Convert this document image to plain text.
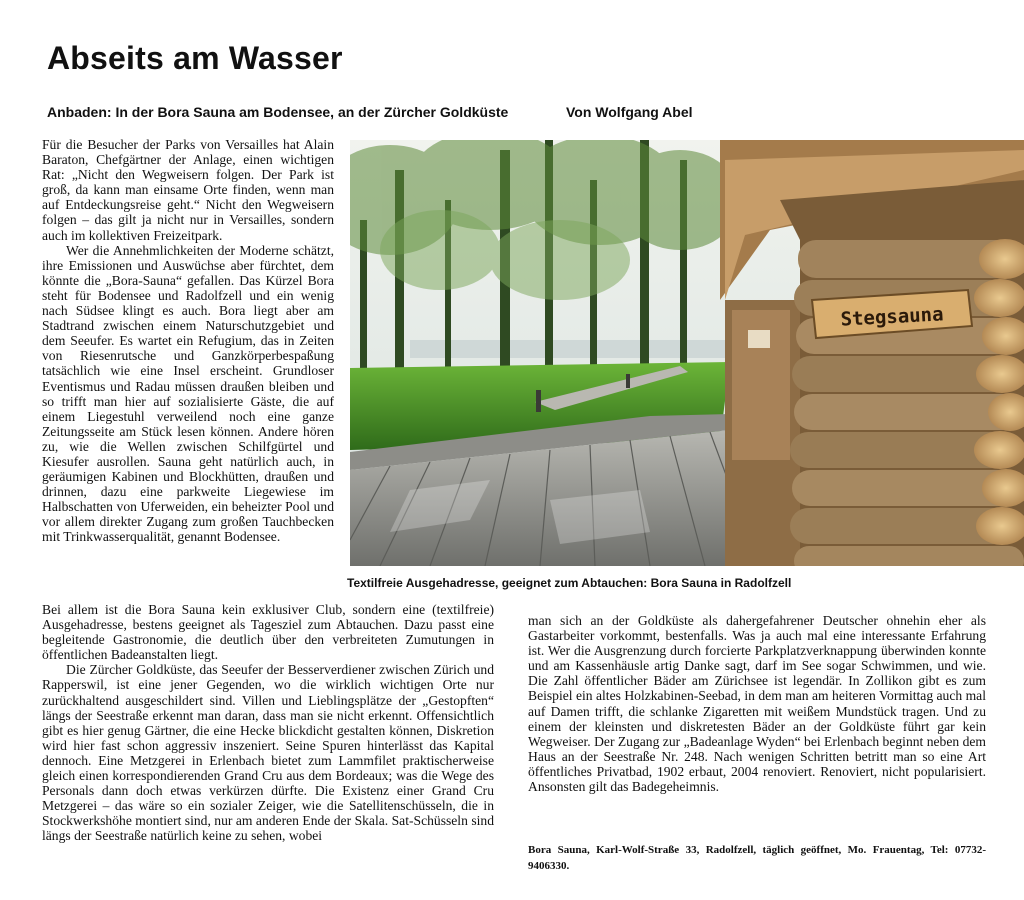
Abseits am Wasser

Anbaden: In der Bora Sauna am Bodensee, an der Zürcher Goldküste	Von Wolfgang Abel

Für die Besucher der Parks von Versailles hat Alain Baraton, Chefgärtner der Anlage, einen wichtigen Rat: „Nicht den Wegweisern folgen. Der Park ist groß, da kann man einsame Orte finden, wenn man auf Entdeckungsreise geht.“ Nicht den Wegweisern folgen – das gilt ja nicht nur in Versailles, sondern auch im kollektiven Freizeitpark.

Wer die Annehmlichkeiten der Moderne schätzt, ihre Emissionen und Auswüchse aber fürchtet, dem könnte die „Bora-Sauna“ gefallen. Das Kürzel Bora steht für Bodensee und Radolfzell und ein wenig nach Südsee klingt es auch. Bora liegt aber am Stadtrand zwischen einem Naturschutzgebiet und dem Seeufer. Es wartet ein Refugium, das in Zeiten von Riesenrutsche und Ganzkörperbespaßung tatsächlich wie eine Insel erscheint. Grundloser Eventismus und Radau müssen draußen bleiben und so trifft man hier auf sozialisierte Gäste, die auf einem Liegestuhl verweilend noch eine ganze Zeitungsseite am Stück lesen können. Andere hören zu, wie die Wellen zwischen Schilfgürtel und Kiesufer ausrollen. Sauna geht natürlich auch, in geräumigen Kabinen und Blockhütten, draußen und drinnen, dazu eine parkweite Liegewiese im Halbschatten von Uferweiden, ein beheizter Pool und vor allem direkter Zugang zum großen Tauchbecken mit Trinkwasserqualität, genannt Bodensee.

Stegsauna

Textilfreie Ausgehadresse, geeignet zum Abtauchen: Bora Sauna in Radolfzell

Bei allem ist die Bora Sauna kein exklusiver Club, sondern eine (textilfreie) Ausgehadresse, bestens geeignet als Tagesziel zum Abtauchen. Dazu passt eine begleitende Gastronomie, die deutlich über den verbreiteten Zumutungen in öffentlichen Badeanstalten liegt.

Die Zürcher Goldküste, das Seeufer der Besserverdiener zwischen Zürich und Rapperswil, ist eine jener Gegenden, wo die wirklich wichtigen Orte nur zurückhaltend ausgeschildert sind. Villen und Lieblingsplätze der „Gestopften“ längs der Seestraße erkennt man daran, dass man sie nicht erkennt. Offensichtlich gibt es hier genug Gärtner, die eine Hecke blickdicht gestalten können, Diskretion wird hier fast schon aggressiv inszeniert. Seine Spuren hinterlässt das Kapital dennoch. Eine Metzgerei in Erlenbach bietet zum Lammfilet praktischerweise gleich einen korrespondierenden Grand Cru aus dem Bordeaux; was die Wege des Personals dann doch etwas verkürzen dürfte. Die Existenz einer Grand Cru Metzgerei – das wäre so ein sozialer Zeiger, wie die Satellitenschüsseln, die in Stockwerkshöhe montiert sind, nur am anderen Ende der Skala. Sat-Schüsseln sind längs der Seestraße natürlich keine zu sehen, wobei

man sich an der Goldküste als dahergefahrener Deutscher ohnehin eher als Gastarbeiter vorkommt, bestenfalls. Was ja auch mal eine interessante Erfahrung ist. Wer die Ausgrenzung durch forcierte Parkplatzverknappung überwinden konnte und am Kassenhäusle artig Danke sagt, darf im See sogar Schwimmen, und wie. Die Zahl öffentlicher Bäder am Zürichsee ist legendär. In Zollikon gibt es zum Beispiel ein altes Holzkabinen-Seebad, in dem man am heiteren Vormittag auch mal auf Damen trifft, die schlanke Zigaretten mit weißem Mundstück tragen. Und zu einem der kleinsten und diskretesten Bäder an der Goldküste führt gar kein Wegweiser. Der Zugang zur „Badeanlage Wyden“ bei Erlenbach beginnt neben dem Haus an der Seestraße Nr. 248. Nach wenigen Schritten betritt man so eine Art öffentliches Privatbad, 1902 erbaut, 2004 renoviert. Renoviert, nicht popularisiert. Ansonsten gilt das Badegeheimnis.

Bora Sauna, Karl-Wolf-Straße 33, Radolfzell, täglich geöffnet, Mo. Frauentag, Tel: 07732-9406330.
